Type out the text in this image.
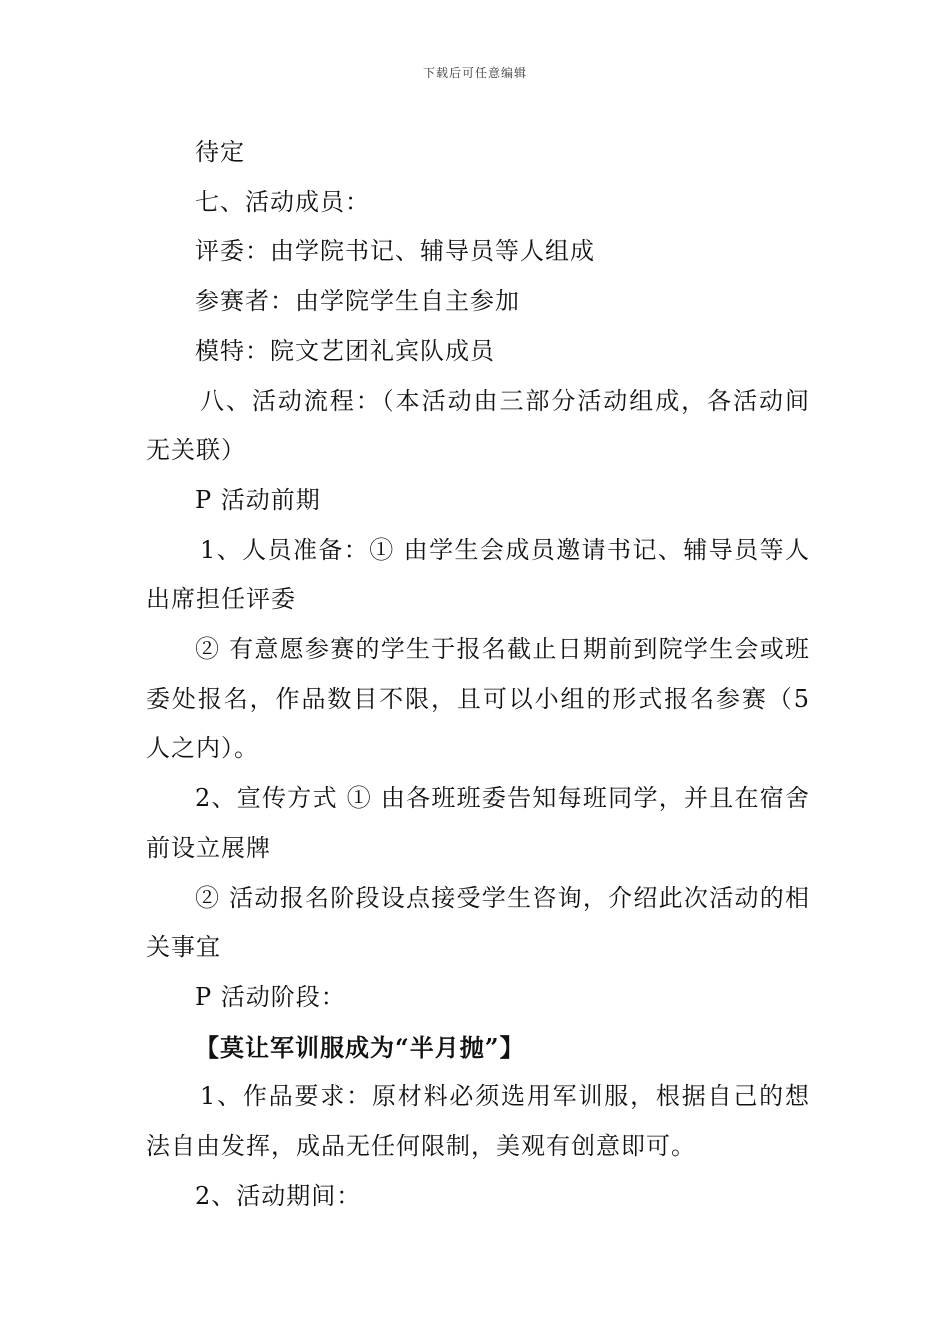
下载后可任意编辑

待定

七、活动成员：

评委：由学院书记、辅导员等人组成

参赛者：由学院学生自主参加

模特：院文艺团礼宾队成员

八、活动流程：（本活动由三部分活动组成，各活动间无关联）

P 活动前期

1、人员准备：① 由学生会成员邀请书记、辅导员等人出席担任评委

② 有意愿参赛的学生于报名截止日期前到院学生会或班委处报名，作品数目不限，且可以小组的形式报名参赛（5人之内）。

2、宣传方式 ① 由各班班委告知每班同学，并且在宿舍前设立展牌

② 活动报名阶段设点接受学生咨询，介绍此次活动的相关事宜

P 活动阶段：

【莫让军训服成为“半月抛”】

1、作品要求：原材料必须选用军训服，根据自己的想法自由发挥，成品无任何限制，美观有创意即可。

2、活动期间：
